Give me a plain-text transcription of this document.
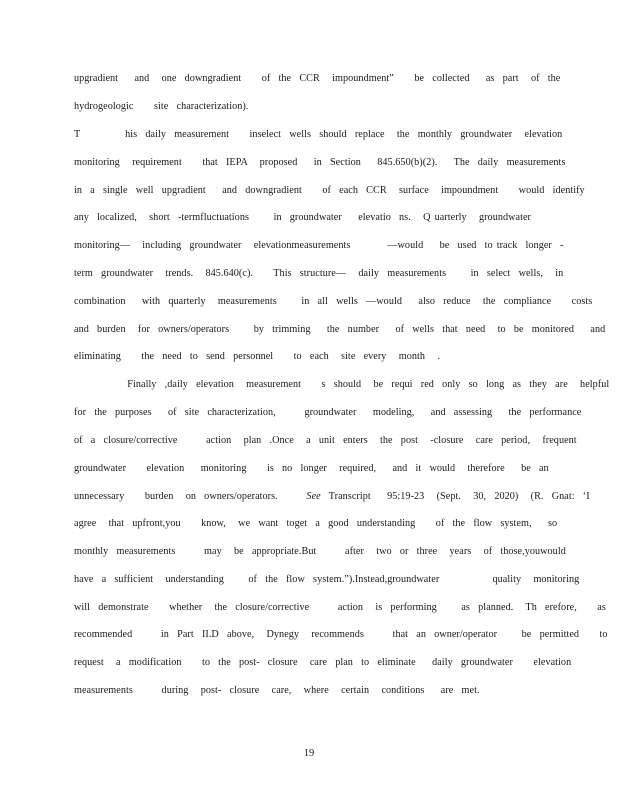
upgradient    and   one  downgradient     of  the  CCR   impoundment”     be  collected    as  part   of  the
hydrogeologic     site  characterization).
T           his  daily  measurement     inselect  wells  should  replace   the  monthly  groundwater   elevation
monitoring   requirement     that  IEPA   proposed    in  Section    845.650(b)(2).    The  daily  measurements
in  a  single  well  upgradient    and  downgradient     of  each  CCR   surface   impoundment     would  identify
any  localized,   short  -termfluctuations      in  groundwater    elevatio  ns.   Q uarterly   groundwater
monitoring—   including  groundwater   elevationmeasurements         —would    be  used  to track  longer  -
term  groundwater   trends.   845.640(c).     This  structure—   daily  measurements      in  select  wells,   in
combination    with  quarterly   measurements      in  all  wells  —would    also  reduce   the  compliance     costs
and  burden   for  owners/operators      by  trimming    the  number    of  wells  that  need   to  be  monitored    and
eliminating     the  need  to  send  personnel     to  each   site  every   month   .
Finally  ,daily  elevation   measurement     s  should   be  requi  red  only  so  long  as  they  are   helpful
for  the  purposes    of  site  characterization,       groundwater    modeling,    and  assessing    the  performance
of  a  closure/corrective       action   plan  .Once   a  unit  enters   the  post   -closure   care  period,   frequent
groundwater     elevation    monitoring     is  no  longer   required,    and  it  would   therefore    be  an
unnecessary     burden   on  owners/operators.       See  Transcript    95:19-23   (Sept.   30,  2020)   (R.  Gnat:  ‘I
agree   that  upfront,you     know,   we  want  toget  a  good  understanding     of  the  flow  system,    so
monthly  measurements       may   be  appropriate.But       after   two  or  three   years   of  those,youwould
have  a  sufficient   understanding      of  the  flow  system.”).Instead,groundwater             quality   monitoring
will  demonstrate     whether   the  closure/corrective       action   is  performing      as  planned.   Th  erefore,     as
recommended       in  Part  II.D  above,   Dynegy   recommends       that  an  owner/operator      be  permitted     to
request   a  modification     to  the  post-  closure   care  plan  to  eliminate    daily  groundwater     elevation
measurements       during   post-  closure   care,   where   certain   conditions    are  met.
19
